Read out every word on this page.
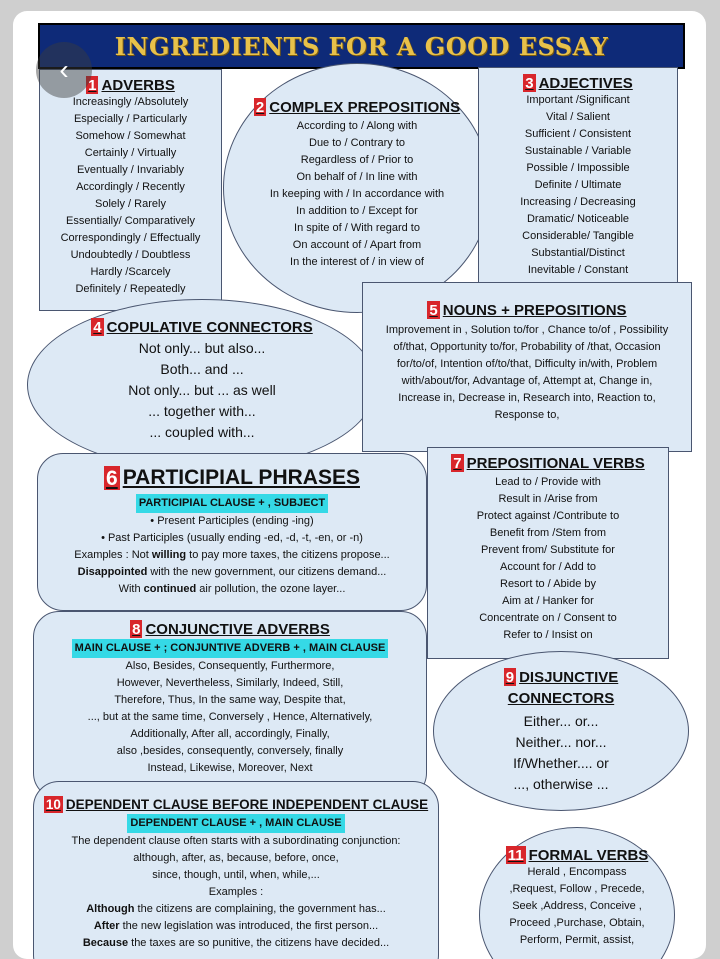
INGREDIENTS FOR A GOOD ESSAY
2 COMPLEX PREPOSITIONS
According to / Along with
Due to / Contrary to
Regardless of / Prior to
On behalf of / In line with
In keeping with / In accordance with
In addition to / Except for
In spite of / With regard to
On account of / Apart from
In the interest of / in view of
1 ADVERBS
Increasingly /Absolutely
Especially / Particularly
Somehow / Somewhat
Certainly / Virtually
Eventually / Invariably
Accordingly / Recently
Solely / Rarely
Essentially/ Comparatively
Correspondingly / Effectually
Undoubtedly / Doubtless
Hardly /Scarcely
Definitely / Repeatedly
3 ADJECTIVES
Important /Significant
Vital / Salient
Sufficient / Consistent
Sustainable / Variable
Possible / Impossible
Definite / Ultimate
Increasing / Decreasing
Dramatic/ Noticeable
Considerable/ Tangible
Substantial/Distinct
Inevitable / Constant
4 COPULATIVE CONNECTORS
Not only... but also...
Both... and ...
Not only... but ... as well
... together with...
... coupled with...
5 NOUNS + PREPOSITIONS
Improvement in , Solution to/for , Chance to/of , Possibility
of/that, Opportunity to/for, Probability of /that, Occasion
for/to/of, Intention of/to/that, Difficulty in/with, Problem
with/about/for, Advantage of, Attempt at, Change in,
Increase in, Decrease in, Research into, Reaction to,
Response to,
7 PREPOSITIONAL VERBS
Lead to / Provide with
Result in /Arise from
Protect against /Contribute to
Benefit from /Stem from
Prevent from/ Substitute for
Account for / Add to
Resort to / Abide by
Aim at / Hanker for
Concentrate on / Consent to
Refer to / Insist on
6 PARTICIPIAL PHRASES
PARTICIPIAL CLAUSE + , SUBJECT
• Present Participles (ending -ing)
• Past Participles (usually ending -ed, -d, -t, -en, or -n)
Examples : Not willing to pay more taxes, the citizens propose...
Disappointed with the new government, our citizens demand...
With continued air pollution, the ozone layer...
8 CONJUNCTIVE ADVERBS
MAIN CLAUSE + ; CONJUNTIVE ADVERB + , MAIN CLAUSE
Also, Besides, Consequently, Furthermore,
However, Nevertheless, Similarly, Indeed, Still,
Therefore, Thus, In the same way, Despite that,
..., but at the same time, Conversely , Hence, Alternatively,
Additionally, After all, accordingly, Finally,
also ,besides, consequently, conversely, finally
Instead, Likewise, Moreover, Next
9 DISJUNCTIVE
CONNECTORS
Either... or...
Neither... nor...
If/Whether.... or
..., otherwise ...
10 DEPENDENT CLAUSE BEFORE INDEPENDENT CLAUSE
DEPENDENT CLAUSE + , MAIN CLAUSE
The dependent clause often starts with a subordinating conjunction:
although, after, as, because, before, once,
since, though, until, when, while,...
Examples :
Although the citizens are complaining, the government has...
After the new legislation was introduced, the first person...
Because the taxes are so punitive, the citizens have decided...
11 FORMAL VERBS
Herald , Encompass
,Request, Follow , Precede,
Seek ,Address, Conceive ,
Proceed ,Purchase, Obtain,
Perform, Permit, assist,
‹
